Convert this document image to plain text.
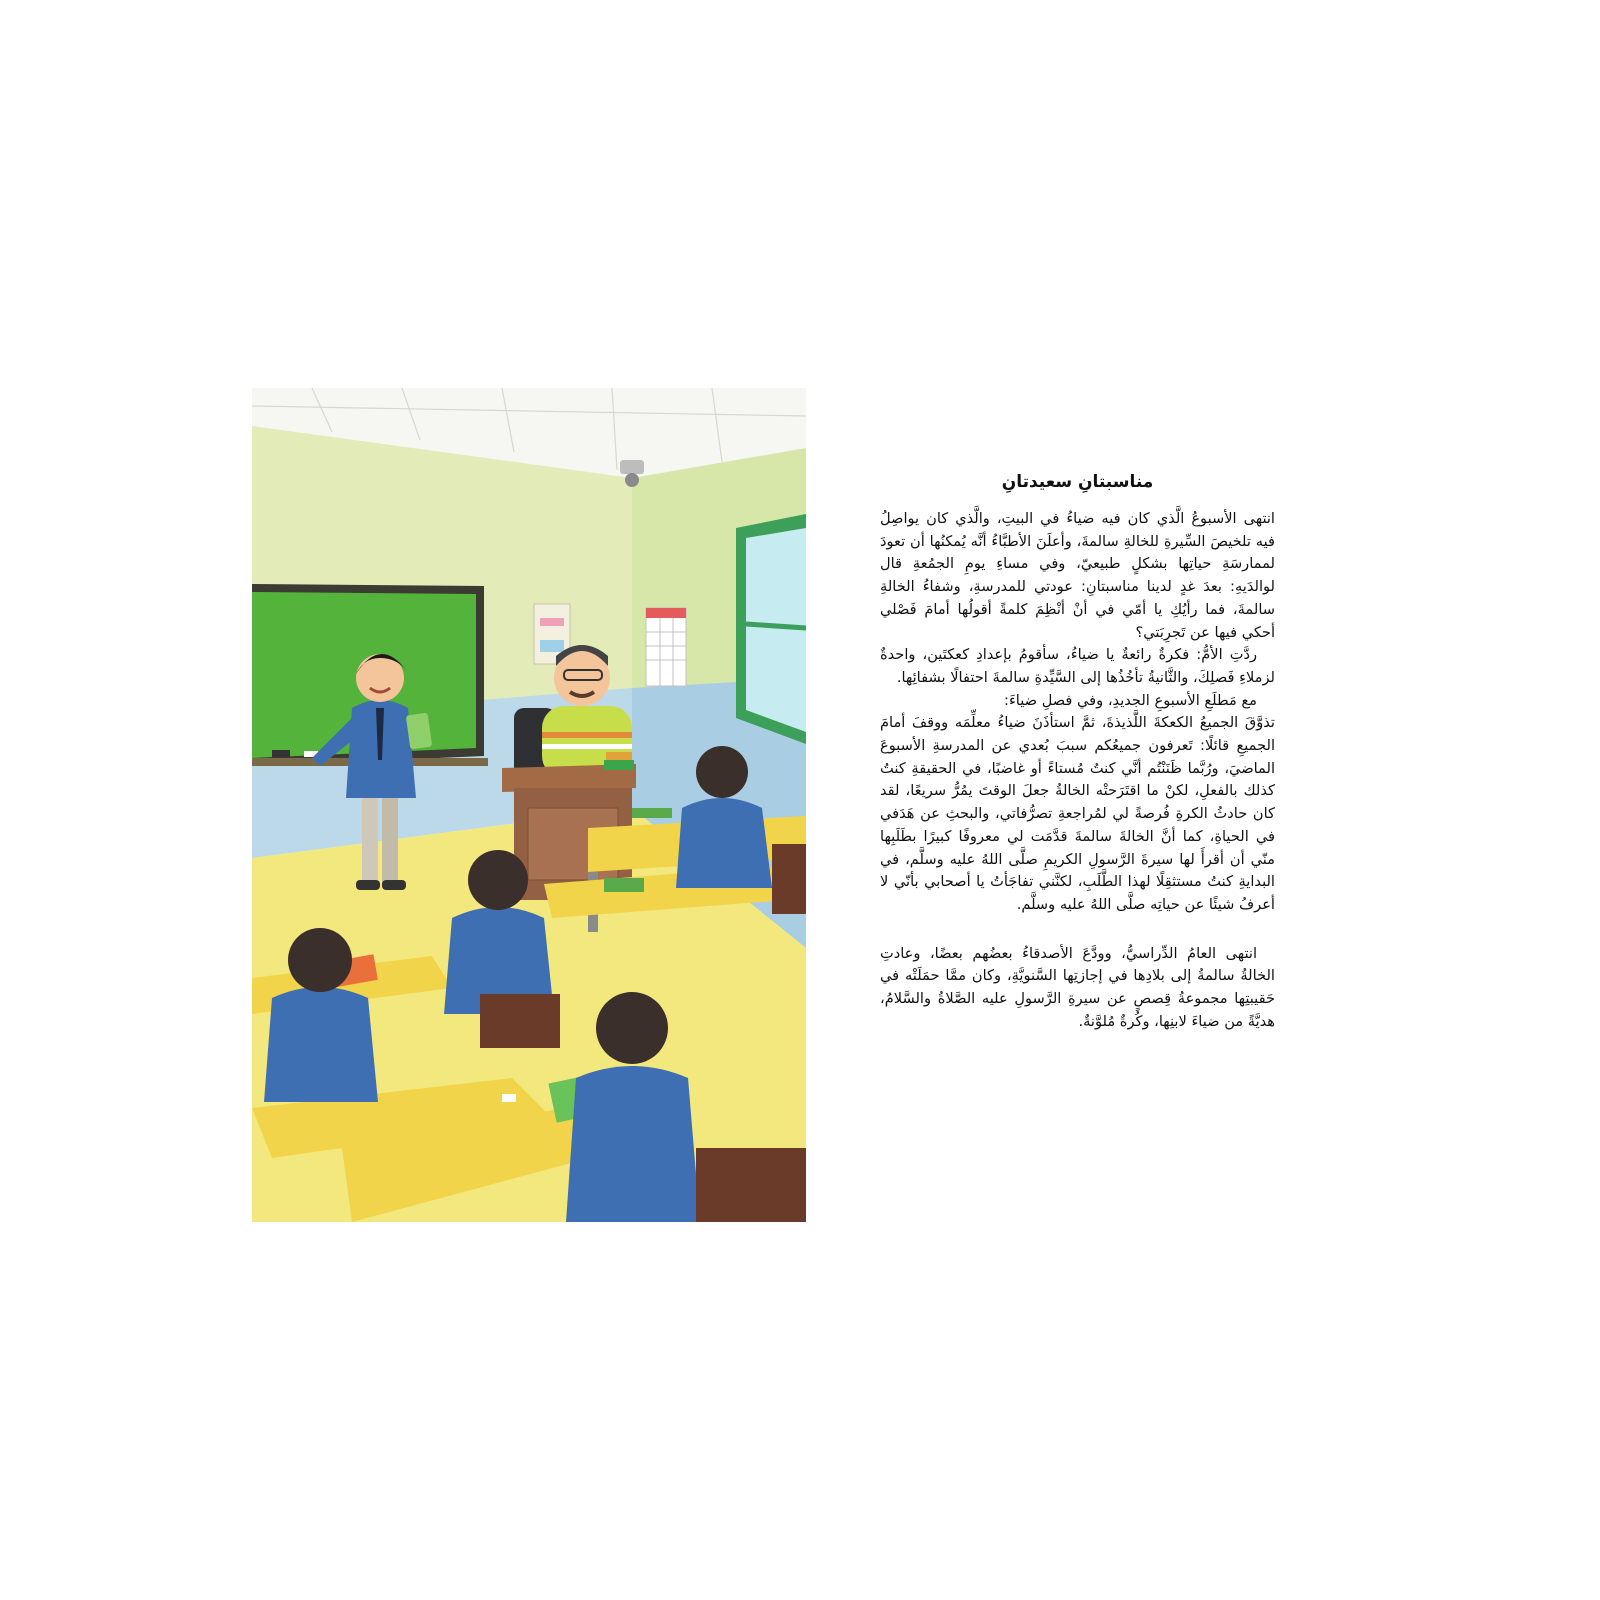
مناسبتانِ سعيدتانِ

انتهى الأسبوعُ الَّذي كان فيه ضياءُ في البيتِ، والَّذي كان يواصِلُ فيه تلخيصَ السِّيرةِ للخالةِ سالمةَ، وأعلَنَ الأطبَّاءُ أنَّه يُمكنُها أن تعودَ لممارسَةِ حياتِها بشكلٍ طبيعيّ، وفي مساءِ يومِ الجمُعةِ قال لوالدَيهِ: بعدَ غدٍ لدينا مناسبتانِ: عودتي للمدرسةِ، وشفاءُ الخالةِ سالمةَ، فما رأيُكِ يا أمّي في أنْ أنْظِمَ كلمةً أقولُها أمامَ فَصْلي أحكي فيها عن تَجرِبَتي؟

ردَّتِ الأمُّ: فكرةٌ رائعةٌ يا ضياءُ، سأقومُ بإعدادِ كعكتَين، واحدةٌ لزملاءِ فَصلِكَ، والثَّانيةُ تأخُذُها إلى السَّيِّدةِ سالمةَ احتفالًا بشفائِها.

مع مَطلَعِ الأسبوعِ الجديدِ، وفي فصلِ ضياءَ:

تذوَّقَ الجميعُ الكعكةَ اللَّذيذةَ، ثمَّ استأذَنَ ضياءُ معلِّمَه ووقفَ أمامَ الجميعِ قائلًا: تَعرفون جميعُكم سببَ بُعدي عن المدرسةِ الأسبوعَ الماضيَ، ورُبَّما ظَنَنْتُم أنَّي كنتُ مُستاءً أو غاضبًا، في الحقيقةِ كنتُ كذلك بالفعلِ، لكنْ ما اقتَرَحتْه الخالةُ جعلَ الوقتَ يمُرُّ سريعًا، لقد كان حادثُ الكرةِ فُرصةً لي لمُراجعةِ تصرُّفاتي، والبحثِ عن هَدَفي في الحياةِ، كما أنَّ الخالةَ سالمةَ قدَّمَت لي معروفًا كبيرًا بطَلَبِها منّي أن أقرأَ لها سيرةَ الرَّسولِ الكريمِ صلَّى اللهُ عليه وسلَّم، في البدايةِ كنتُ مستثقِلًا لهذا الطَّلَبِ، لكنَّني تفاجَأتُ يا أصحابي بأنّي لا أعرفُ شيئًا عن حياتِه صلَّى اللهُ عليه وسلَّم.

انتهى العامُ الدِّراسيُّ، وودَّعَ الأصدقاءُ بعضُهم بعضًا، وعادتِ الخالةُ سالمةُ إلى بلادِها في إجازتِها السَّنويَّةِ، وكان ممَّا حمَلَتْه في حَقيبتِها مجموعةُ قِصصٍ عن سيرةِ الرَّسولِ عليه الصَّلاةُ والسَّلامُ، هديَّةً من ضياءَ لابنِها، وكُرةٌ مُلوَّنةٌ.
